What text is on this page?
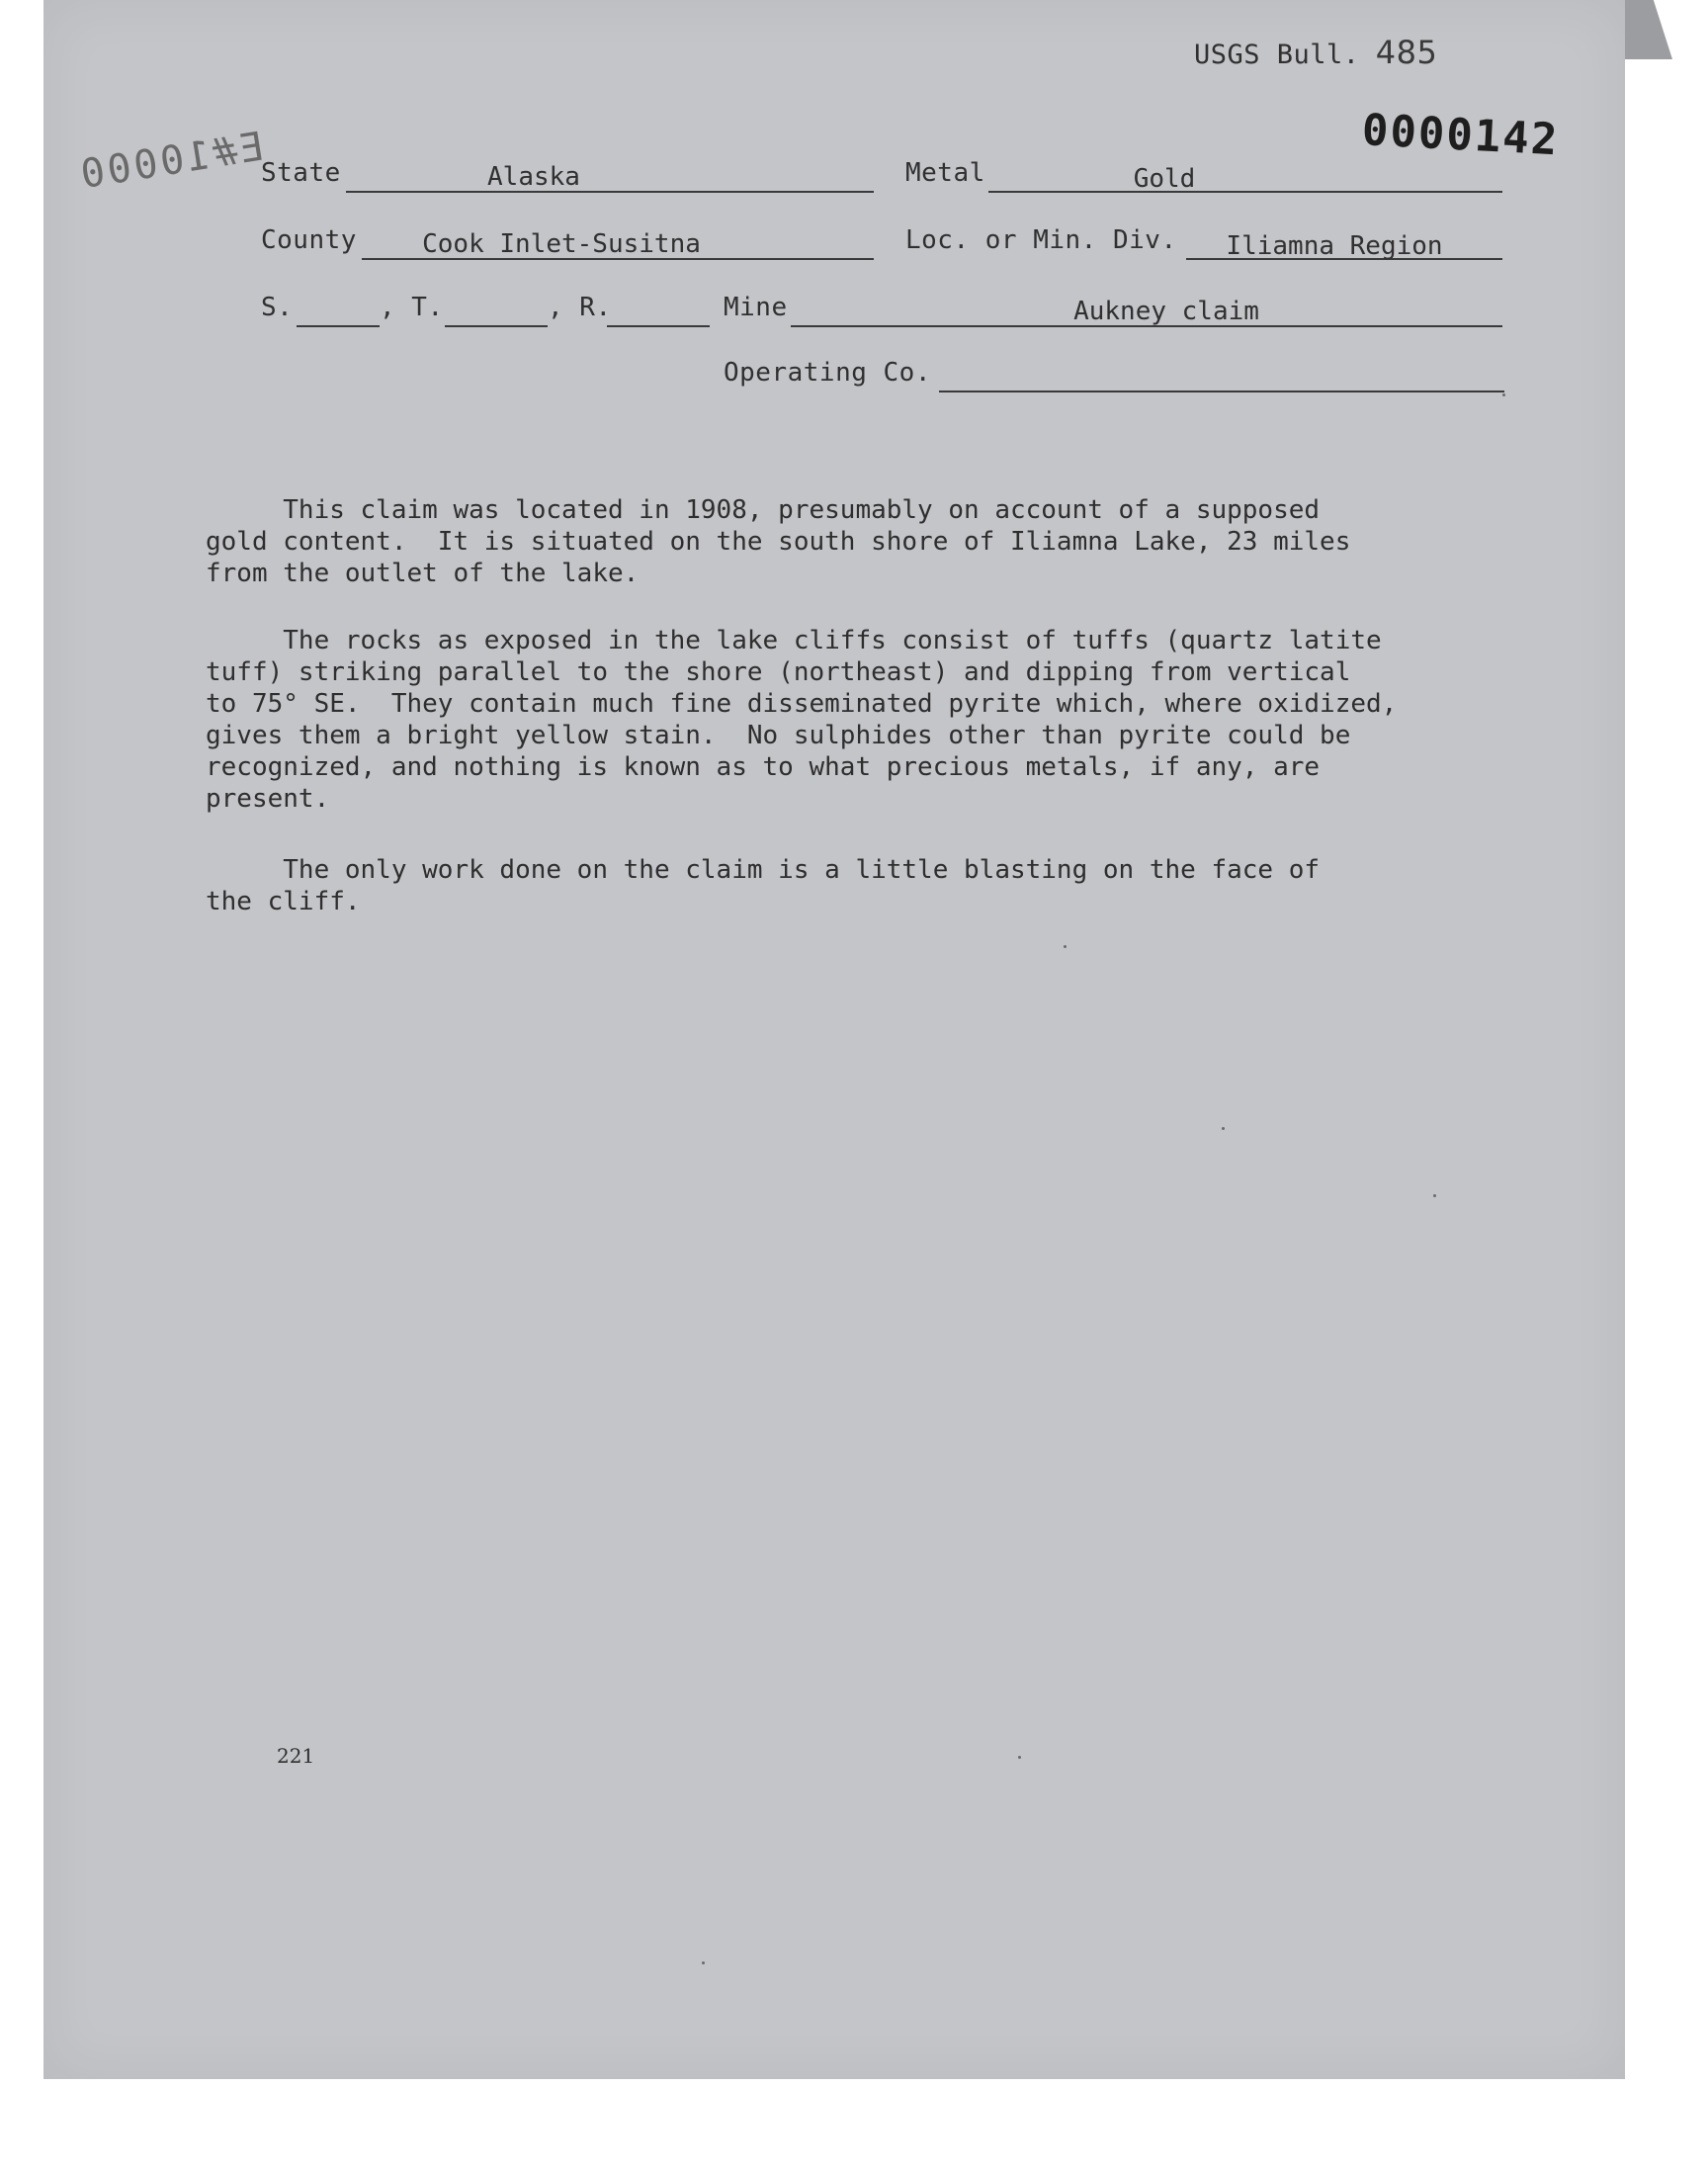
USGS Bull. 485
0000142
E#10000
State	Alaska	Metal	Gold
County	Cook Inlet-Susitna	Loc. or Min. Div.	Iliamna Region
S.	, T.	, R.	Mine	Aukney claim
Operating Co.
This claim was located in 1908, presumably on account of a supposed
gold content.  It is situated on the south shore of Iliamna Lake, 23 miles
from the outlet of the lake.
The rocks as exposed in the lake cliffs consist of tuffs (quartz latite
tuff) striking parallel to the shore (northeast) and dipping from vertical
to 75° SE.  They contain much fine disseminated pyrite which, where oxidized,
gives them a bright yellow stain.  No sulphides other than pyrite could be
recognized, and nothing is known as to what precious metals, if any, are
present.
The only work done on the claim is a little blasting on the face of
the cliff.
221
